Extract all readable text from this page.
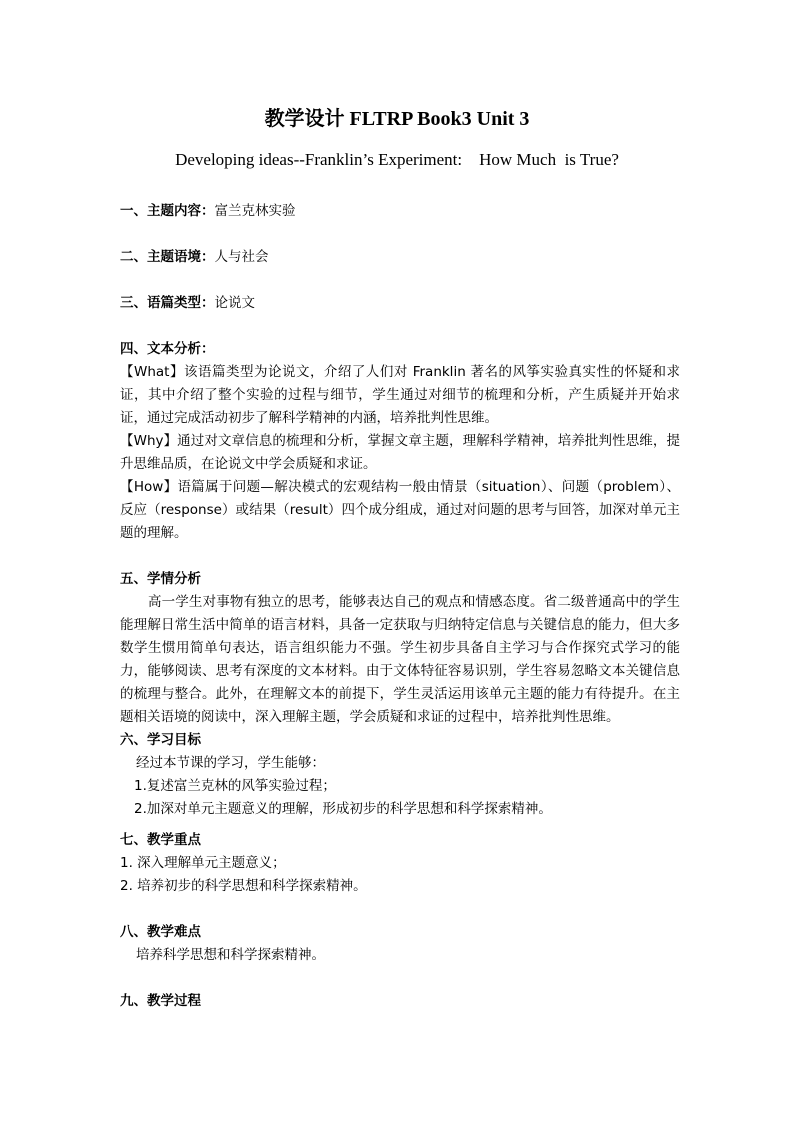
教学设计 FLTRP Book3 Unit 3
Developing ideas--Franklin’s Experiment:    How Much  is True?
一、主题内容：富兰克林实验
二、主题语境：人与社会
三、语篇类型：论说文
四、文本分析：
【What】该语篇类型为论说文，介绍了人们对 Franklin 著名的风筝实验真实性的怀疑和求证，其中介绍了整个实验的过程与细节，学生通过对细节的梳理和分析，产生质疑并开始求证，通过完成活动初步了解科学精神的内涵，培养批判性思维。
【Why】通过对文章信息的梳理和分析，掌握文章主题，理解科学精神，培养批判性思维，提升思维品质，在论说文中学会质疑和求证。
【How】语篇属于问题—解决模式的宏观结构一般由情景（situation）、问题（problem）、反应（response）或结果（result）四个成分组成，通过对问题的思考与回答，加深对单元主题的理解。
五、学情分析
高一学生对事物有独立的思考，能够表达自己的观点和情感态度。省二级普通高中的学生能理解日常生活中简单的语言材料，具备一定获取与归纳特定信息与关键信息的能力，但大多数学生惯用简单句表达，语言组织能力不强。学生初步具备自主学习与合作探究式学习的能力，能够阅读、思考有深度的文本材料。由于文体特征容易识别，学生容易忽略文本关键信息的梳理与整合。此外，在理解文本的前提下，学生灵活运用该单元主题的能力有待提升。在主题相关语境的阅读中，深入理解主题，学会质疑和求证的过程中，培养批判性思维。
六、学习目标
经过本节课的学习，学生能够：
1.复述富兰克林的风筝实验过程；
2.加深对单元主题意义的理解，形成初步的科学思想和科学探索精神。
七、教学重点
1. 深入理解单元主题意义；
2. 培养初步的科学思想和科学探索精神。
八、教学难点
培养科学思想和科学探索精神。
九、教学过程
